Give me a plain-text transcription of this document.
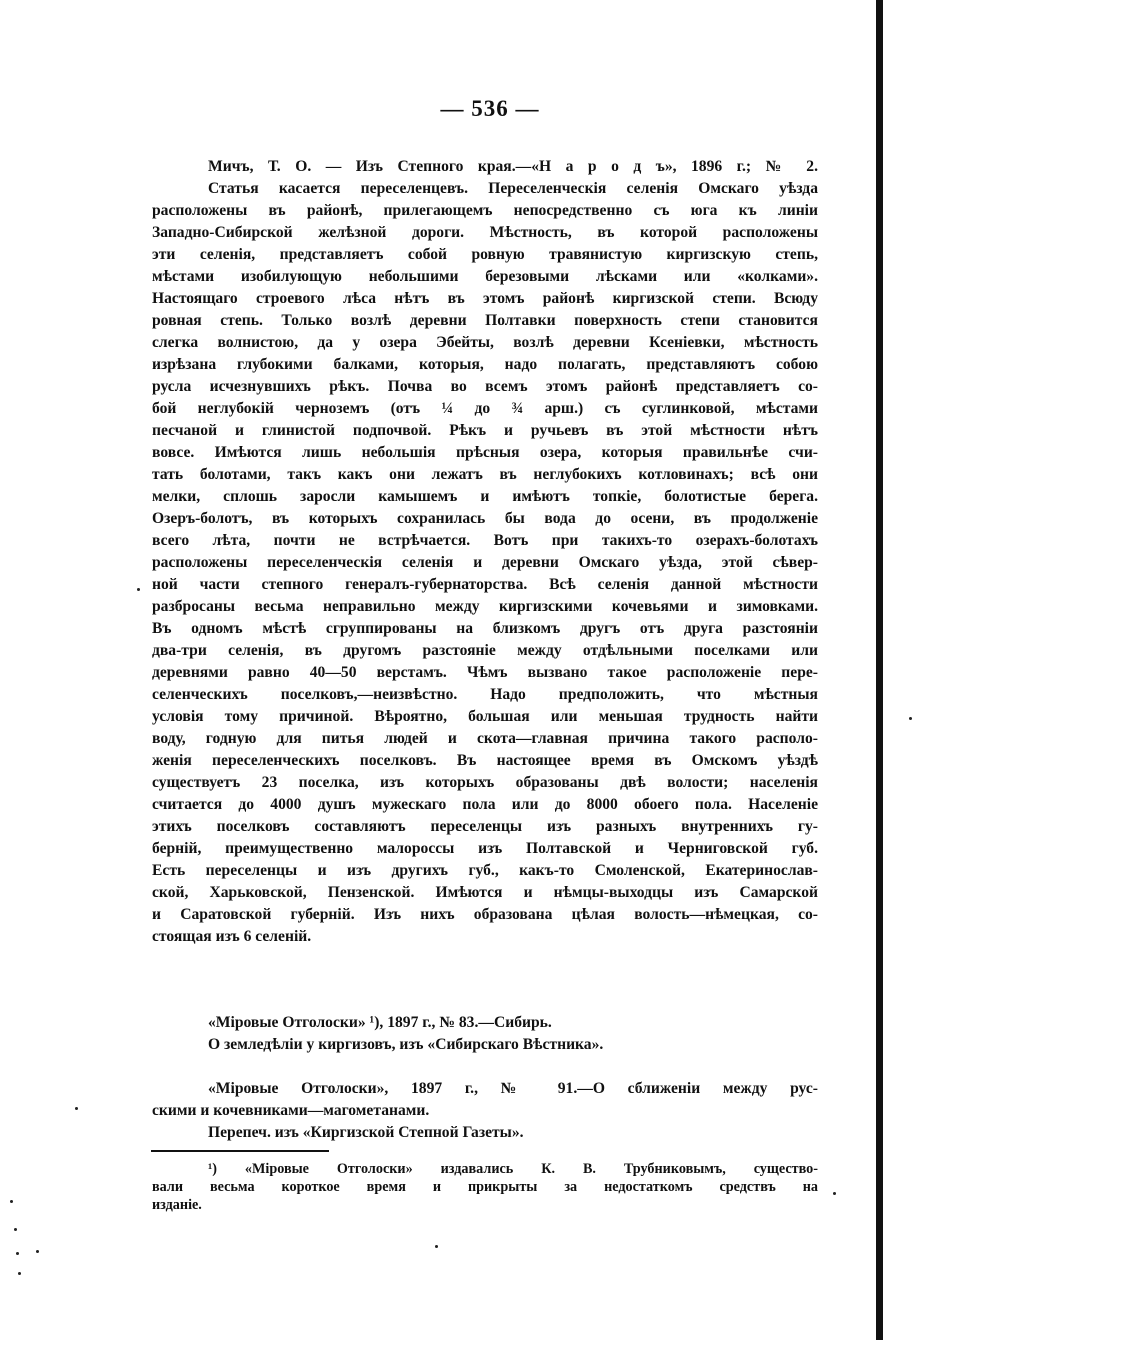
— 536 —
Мичъ, Т. О. — Изъ Степного края.—«Н а р о д ъ», 1896 г.; № 2.
Статья касается переселенцевъ. Переселенческія селенія Омскаго уѣзда
расположены въ районѣ, прилегающемъ непосредственно съ юга къ линіи
Западно-Сибирской желѣзной дороги. Мѣстность, въ которой расположены
эти селенія, представляетъ собой ровную травянистую киргизскую степь,
мѣстами изобилующую небольшими березовыми лѣсками или «колками».
Настоящаго строевого лѣса нѣтъ въ этомъ районѣ киргизской степи. Всюду
ровная степь. Только возлѣ деревни Полтавки поверхность степи становится
слегка волнистою, да у озера Эбейты, возлѣ деревни Ксеніевки, мѣстность
изрѣзана глубокими балками, которыя, надо полагать, представляютъ собою
русла исчезнувшихъ рѣкъ. Почва во всемъ этомъ районѣ представляетъ со-
бой неглубокій черноземъ (отъ ¼ до ¾ арш.) съ суглинковой, мѣстами
песчаной и глинистой подпочвой. Рѣкъ и ручьевъ въ этой мѣстности нѣтъ
вовсе. Имѣются лишь небольшія прѣсныя озера, которыя правильнѣе счи-
тать болотами, такъ какъ они лежатъ въ неглубокихъ котловинахъ; всѣ они
мелки, сплошь заросли камышемъ и имѣютъ топкіе, болотистые берега.
Озеръ-болотъ, въ которыхъ сохранилась бы вода до осени, въ продолженіе
всего лѣта, почти не встрѣчается. Вотъ при такихъ-то озерахъ-болотахъ
расположены переселенческія селенія и деревни Омскаго уѣзда, этой сѣвер-
ной части степного генералъ-губернаторства. Всѣ селенія данной мѣстности
разбросаны весьма неправильно между киргизскими кочевьями и зимовками.
Въ одномъ мѣстѣ сгруппированы на близкомъ другъ отъ друга разстояніи
два-три селенія, въ другомъ разстояніе между отдѣльными поселками или
деревнями равно 40—50 верстамъ. Чѣмъ вызвано такое расположеніе пере-
селенческихъ поселковъ,—неизвѣстно. Надо предположить, что мѣстныя
условія тому причиной. Вѣроятно, большая или меньшая трудность найти
воду, годную для питья людей и скота—главная причина такого располо-
женія переселенческихъ поселковъ. Въ настоящее время въ Омскомъ уѣздѣ
существуетъ 23 поселка, изъ которыхъ образованы двѣ волости; населенія
считается до 4000 душъ мужескаго пола или до 8000 обоего пола. Населеніе
этихъ поселковъ составляютъ переселенцы изъ разныхъ внутреннихъ гу-
берній, преимущественно малороссы изъ Полтавской и Черниговской губ.
Есть переселенцы и изъ другихъ губ., какъ-то Смоленской, Екатеринослав-
ской, Харьковской, Пензенской. Имѣются и нѣмцы-выходцы изъ Самарской
и Саратовской губерній. Изъ нихъ образована цѣлая волость—нѣмецкая, со-
стоящая изъ 6 селеній.
«Міровые Отголоски» ¹), 1897 г., № 83.—Сибирь.
О земледѣліи у киргизовъ, изъ «Сибирскаго Вѣстника».
«Міровые Отголоски», 1897 г., № 91.—О сближеніи между рус-
скими и кочевниками—магометанами.
Перепеч. изъ «Киргизской Степной Газеты».
¹) «Міровые Отголоски» издавались К. В. Трубниковымъ, существо-
вали весьма короткое время и прикрыты за недостаткомъ средствъ на
изданіе.
